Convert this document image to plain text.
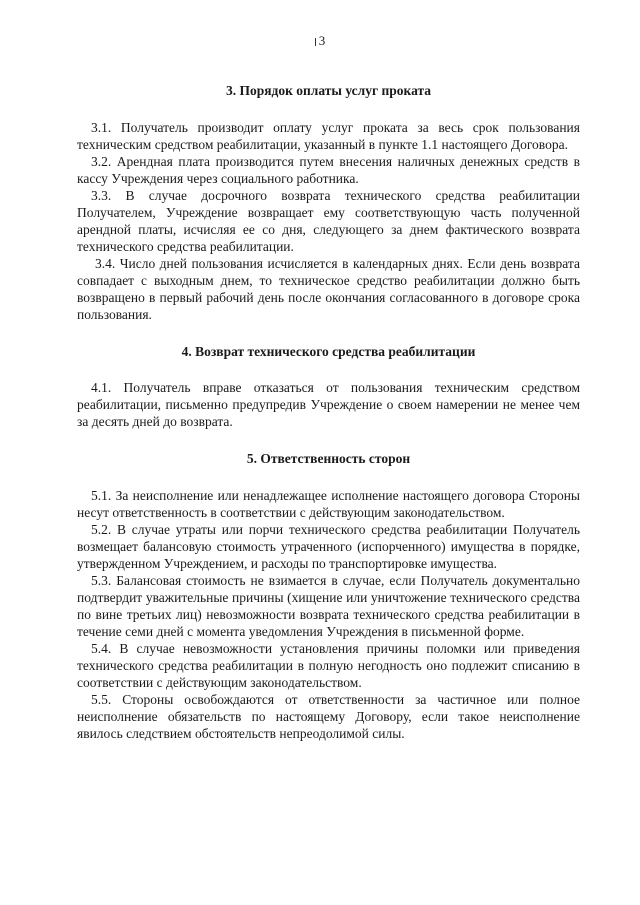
3
3. Порядок оплаты услуг проката

3.1. Получатель производит оплату услуг проката за весь срок пользования техническим средством реабилитации, указанный в пункте 1.1 настоящего Договора.

3.2. Арендная плата производится путем внесения наличных денежных средств в кассу Учреждения через социального работника.

3.3. В случае досрочного возврата технического средства реабилитации Получателем, Учреждение возвращает ему соответствующую часть полученной арендной платы, исчисляя ее со дня, следующего за днем фактического возврата технического средства реабилитации.

3.4. Число дней пользования исчисляется в календарных днях. Если день возврата совпадает с выходным днем, то техническое средство реабилитации должно быть возвращено в первый рабочий день после окончания согласованного в договоре срока пользования.

4. Возврат технического средства реабилитации

4.1. Получатель вправе отказаться от пользования техническим средством реабилитации, письменно предупредив Учреждение о своем намерении не менее чем за десять дней до возврата.

5. Ответственность сторон

5.1. За неисполнение или ненадлежащее исполнение настоящего договора Стороны несут ответственность в соответствии с действующим законодательством.

5.2. В случае утраты или порчи технического средства реабилитации Получатель возмещает балансовую стоимость утраченного (испорченного) имущества в порядке, утвержденном Учреждением, и расходы по транспортировке имущества.

5.3. Балансовая стоимость не взимается в случае, если Получатель документально подтвердит уважительные причины (хищение или уничтожение технического средства по вине третьих лиц) невозможности возврата технического средства реабилитации в течение семи дней с момента уведомления Учреждения в письменной форме.

5.4. В случае невозможности установления причины поломки или приведения технического средства реабилитации в полную негодность оно подлежит списанию в соответствии с действующим законодательством.

5.5. Стороны освобождаются от ответственности за частичное или полное неисполнение обязательств по настоящему Договору, если такое неисполнение явилось следствием обстоятельств непреодолимой силы.
